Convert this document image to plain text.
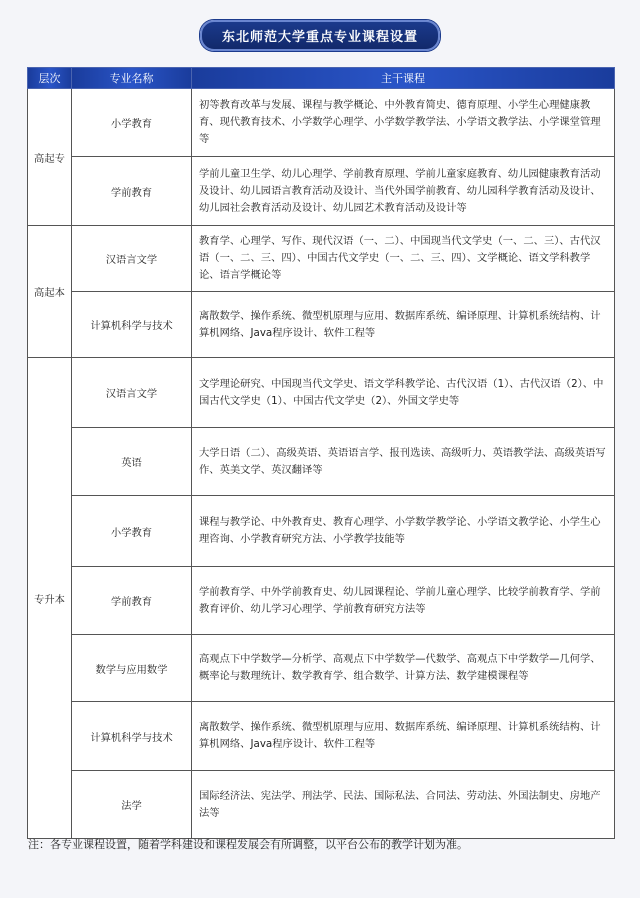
东北师范大学重点专业课程设置
层次	专业名称	主干课程
高起专	小学教育	初等教育改革与发展、课程与教学概论、中外教育简史、德育原理、小学生心理健康教育、现代教育技术、小学数学心理学、小学数学教学法、小学语文教学法、小学课堂管理等
	学前教育	学前儿童卫生学、幼儿心理学、学前教育原理、学前儿童家庭教育、幼儿园健康教育活动及设计、幼儿园语言教育活动及设计、当代外国学前教育、幼儿园科学教育活动及设计、幼儿园社会教育活动及设计、幼儿园艺术教育活动及设计等
高起本	汉语言文学	教育学、心理学、写作、现代汉语（一、二）、中国现当代文学史（一、二、三）、古代汉语（一、二、三、四）、中国古代文学史（一、二、三、四）、文学概论、语文学科教学论、语言学概论等
	计算机科学与技术	离散数学、操作系统、微型机原理与应用、数据库系统、编译原理、计算机系统结构、计算机网络、Java程序设计、软件工程等
专升本	汉语言文学	文学理论研究、中国现当代文学史、语文学科教学论、古代汉语（1）、古代汉语（2）、中国古代文学史（1）、中国古代文学史（2）、外国文学史等
	英语	大学日语（二）、高级英语、英语语言学、报刊选读、高级听力、英语教学法、高级英语写作、英美文学、英汉翻译等
	小学教育	课程与教学论、中外教育史、教育心理学、小学数学教学论、小学语文教学论、小学生心理咨询、小学教育研究方法、小学教学技能等
	学前教育	学前教育学、中外学前教育史、幼儿园课程论、学前儿童心理学、比较学前教育学、学前教育评价、幼儿学习心理学、学前教育研究方法等
	数学与应用数学	高观点下中学数学—分析学、高观点下中学数学—代数学、高观点下中学数学—几何学、概率论与数理统计、数学教育学、组合数学、计算方法、数学建模课程等
	计算机科学与技术	离散数学、操作系统、微型机原理与应用、数据库系统、编译原理、计算机系统结构、计算机网络、Java程序设计、软件工程等
	法学	国际经济法、宪法学、刑法学、民法、国际私法、合同法、劳动法、外国法制史、房地产法等
注：各专业课程设置，随着学科建设和课程发展会有所调整，以平台公布的教学计划为准。
